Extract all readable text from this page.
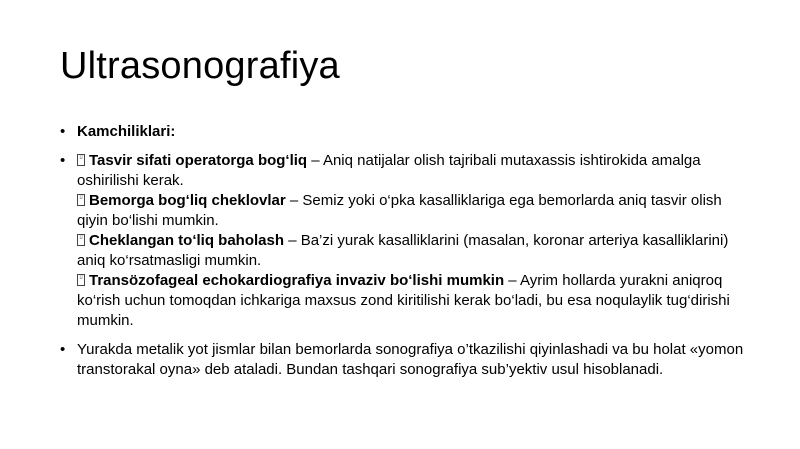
Ultrasonografiya
• Kamchiliklari:
•	▯ Tasvir sifati operatorga bog‘liq – Aniq natijalar olish tajribali mutaxassis ishtirokida amalga oshirilishi kerak.
▯ Bemorga bog‘liq cheklovlar – Semiz yoki o‘pka kasalliklariga ega bemorlarda aniq tasvir olish qiyin bo‘lishi mumkin.
▯ Cheklangan to‘liq baholash – Ba’zi yurak kasalliklarini (masalan, koronar arteriya kasalliklarini) aniq ko‘rsatmasligi mumkin.
▯ Transözofageal echokardiografiya invaziv bo‘lishi mumkin – Ayrim hollarda yurakni aniqroq ko‘rish uchun tomoqdan ichkariga maxsus zond kiritilishi kerak bo‘ladi, bu esa noqulaylik tug‘dirishi mumkin.
• Yurakda metalik yot jismlar bilan bemorlarda sonografiya o’tkazilishi qiyinlashadi va bu holat «yomon transtorakal oyna» deb ataladi. Bundan tashqari sonografiya sub’yektiv usul hisoblanadi.
